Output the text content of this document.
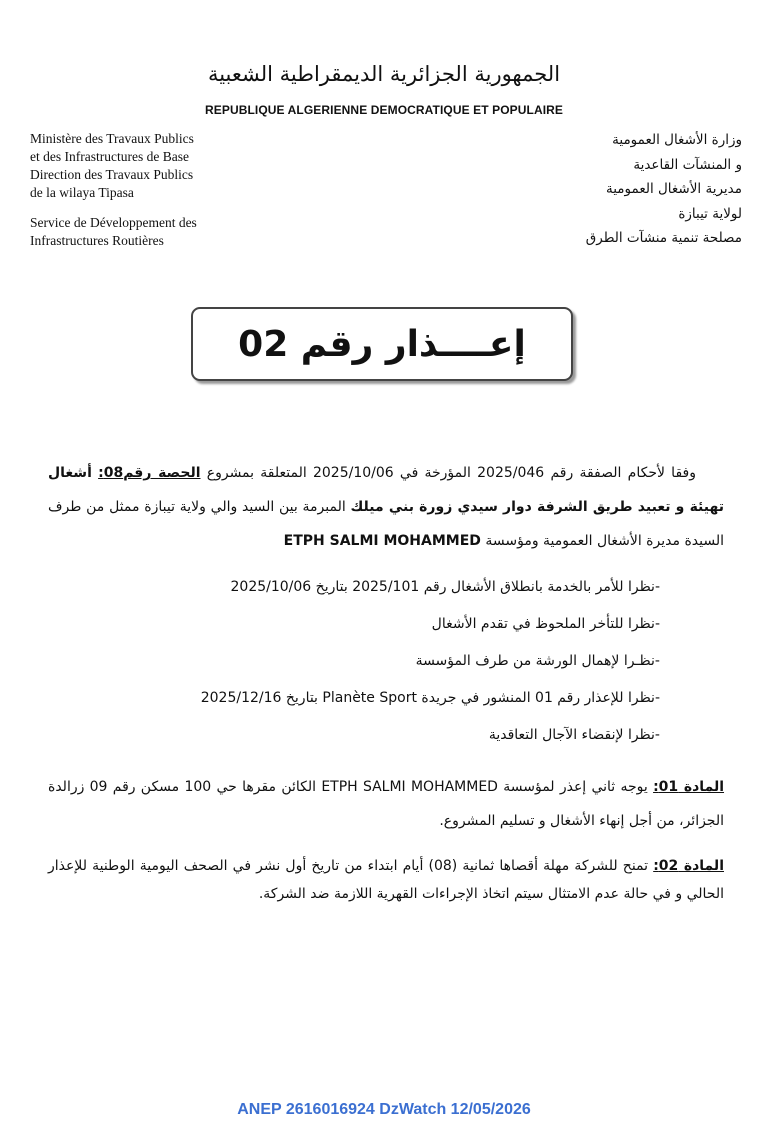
الجمهورية الجزائرية الديمقراطية الشعبية
REPUBLIQUE ALGERIENNE DEMOCRATIQUE ET POPULAIRE
Ministère des Travaux Publics
et des Infrastructures de Base
Direction des Travaux Publics
de la wilaya Tipasa
Service de Développement des
Infrastructures Routières
وزارة الأشغال العمومية
و المنشآت القاعدية
مديرية الأشغال العمومية
لولاية تيبازة
مصلحة تنمية منشآت الطرق
إعــــذار رقم 02
وفقا لأحكام الصفقة رقم 2025/046 المؤرخة في 2025/10/06 المتعلقة بمشروع الحصة رقم08: أشغال تهيئة و تعبيد طريق الشرفة دوار سيدي زورة بني ميلك المبرمة بين السيد والي ولاية تيبازة ممثل من طرف السيدة مديرة الأشغال العمومية ومؤسسة ETPH SALMI MOHAMMED
-نظرا للأمر بالخدمة بانطلاق الأشغال رقم 2025/101 بتاريخ 2025/10/06
-نظرا للتأخر الملحوظ في تقدم الأشغال
-نظـرا لإهمال الورشة من طرف المؤسسة
-نظرا للإعذار رقم 01 المنشور في جريدة Planète Sport بتاريخ 2025/12/16
-نظرا لإنقضاء الآجال التعاقدية
المادة 01: يوجه ثاني إعذر لمؤسسة ETPH SALMI MOHAMMED الكائن مقرها حي 100 مسكن رقم 09 زرالدة الجزائر، من أجل إنهاء الأشغال و تسليم المشروع.
المادة 02: تمنح للشركة مهلة أقصاها ثمانية (08) أيام ابتداء من تاريخ أول نشر في الصحف اليومية الوطنية للإعذار الحالي و في حالة عدم الامتثال سيتم اتخاذ الإجراءات القهرية اللازمة ضد الشركة.
ANEP 2616016924 DzWatch 12/05/2026
